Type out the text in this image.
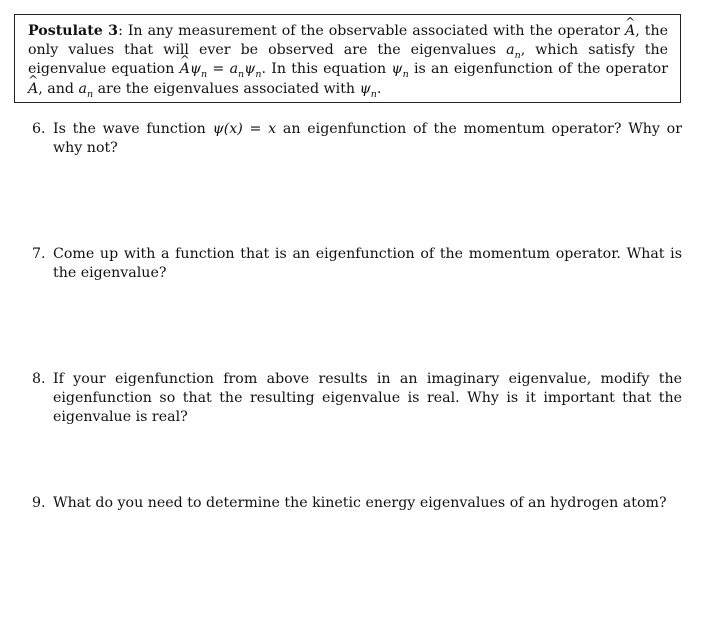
Postulate 3: In any measurement of the observable associated with the operator ^ A, the only values that will ever be observed are the eigenvalues $a_n$, which satisfy the eigenvalue equation ^ $A\psi_n = a_n\psi_n$. In this equation $\psi_n$ is an eigenfunction of the operator ^ A, and $a_n$ are the eigenvalues associated with $\psi_n$.

6. Is the wave function ψ(x) = x an eigenfunction of the momentum operator? Why or why not?
7. Come up with a function that is an eigenfunction of the momentum operator. What is the eigenvalue?
8. If your eigenfunction from above results in an imaginary eigenvalue, modify the eigenfunction so that the resulting eigenvalue is real. Why is it important that the eigenvalue is real?
9. What do you need to determine the kinetic energy eigenvalues of an hydrogen atom?
